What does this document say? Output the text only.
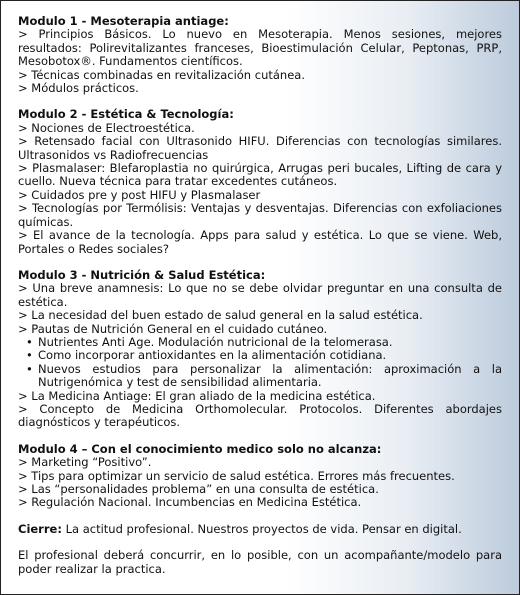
Modulo 1 - Mesoterapia antiage:
> Principios Básicos. Lo nuevo en Mesoterapia. Menos sesiones, mejores resultados: Polirevitalizantes franceses, Bioestimulación Celular, Peptonas, PRP, Mesobotox®. Fundamentos científicos.
> Técnicas combinadas en revitalización cutánea.
> Módulos prácticos.
Modulo 2 - Estética & Tecnología:
> Nociones de Electroestética.
> Retensado facial con Ultrasonido HIFU. Diferencias con tecnologías similares. Ultrasonidos vs Radiofrecuencias
> Plasmalaser: Blefaroplastia no quirúrgica, Arrugas peri bucales, Lifting de cara y cuello. Nueva técnica para tratar excedentes cutáneos.
> Cuidados pre y post HIFU y Plasmalaser
> Tecnologías por Termólisis: Ventajas y desventajas. Diferencias con exfoliaciones químicas.
> El avance de la tecnología. Apps para salud y estética. Lo que se viene. Web, Portales o Redes sociales?
Modulo 3 - Nutrición & Salud Estética:
> Una breve anamnesis: Lo que no se debe olvidar preguntar en una consulta de estética.
> La necesidad del buen estado de salud general en la salud estética.
> Pautas de Nutrición General en el cuidado cutáneo.
• Nutrientes Anti Age. Modulación nutricional de la telomerasa.
• Como incorporar antioxidantes en la alimentación cotidiana.
• Nuevos estudios para personalizar la alimentación: aproximación a la Nutrigenómica y test de sensibilidad alimentaria.
> La Medicina Antiage: El gran aliado de la medicina estética.
> Concepto de Medicina Orthomolecular. Protocolos. Diferentes abordajes diagnósticos y terapéuticos.
Modulo 4 – Con el conocimiento medico solo no alcanza:
> Marketing “Positivo”.
> Tips para optimizar un servicio de salud estética. Errores más frecuentes.
> Las “personalidades problema” en una consulta de estética.
> Regulación Nacional. Incumbencias en Medicina Estética.
Cierre: La actitud profesional. Nuestros proyectos de vida. Pensar en digital.
El profesional deberá concurrir, en lo posible, con un acompañante/modelo para poder realizar la practica.
